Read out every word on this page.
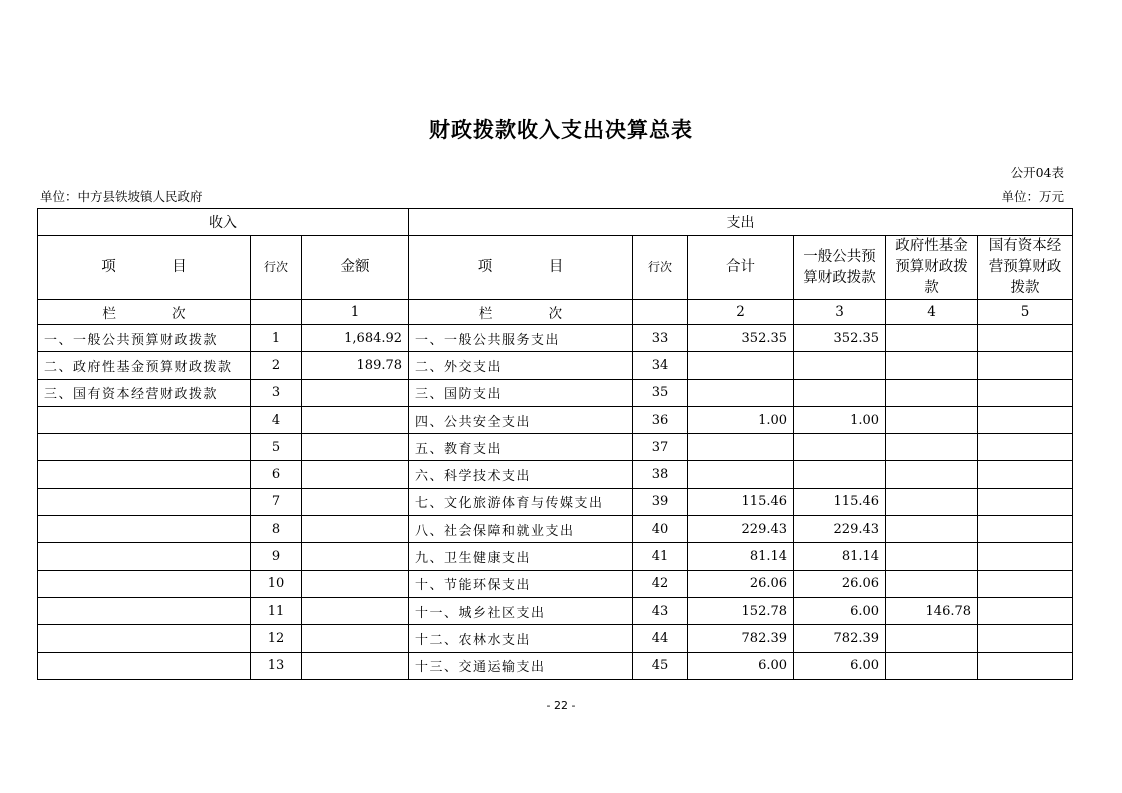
财政拨款收入支出决算总表
公开04表
单位：中方县铁坡镇人民政府	单位：万元
收入			支出					
项 目	行次	金额	项 目	行次	合计	一般公共预算财政拨款	政府性基金预算财政拨款	国有资本经营预算财政拨款
栏 次		1	栏 次		2	3	4	5
一、一般公共预算财政拨款	1	1,684.92	一、一般公共服务支出	33	352.35	352.35		
二、政府性基金预算财政拨款	2	189.78	二、外交支出	34				
三、国有资本经营财政拨款	3		三、国防支出	35				
	4		四、公共安全支出	36	1.00	1.00		
	5		五、教育支出	37				
	6		六、科学技术支出	38				
	7		七、文化旅游体育与传媒支出	39	115.46	115.46		
	8		八、社会保障和就业支出	40	229.43	229.43		
	9		九、卫生健康支出	41	81.14	81.14		
	10		十、节能环保支出	42	26.06	26.06		
	11		十一、城乡社区支出	43	152.78	6.00	146.78	
	12		十二、农林水支出	44	782.39	782.39		
	13		十三、交通运输支出	45	6.00	6.00		
- 22 -
